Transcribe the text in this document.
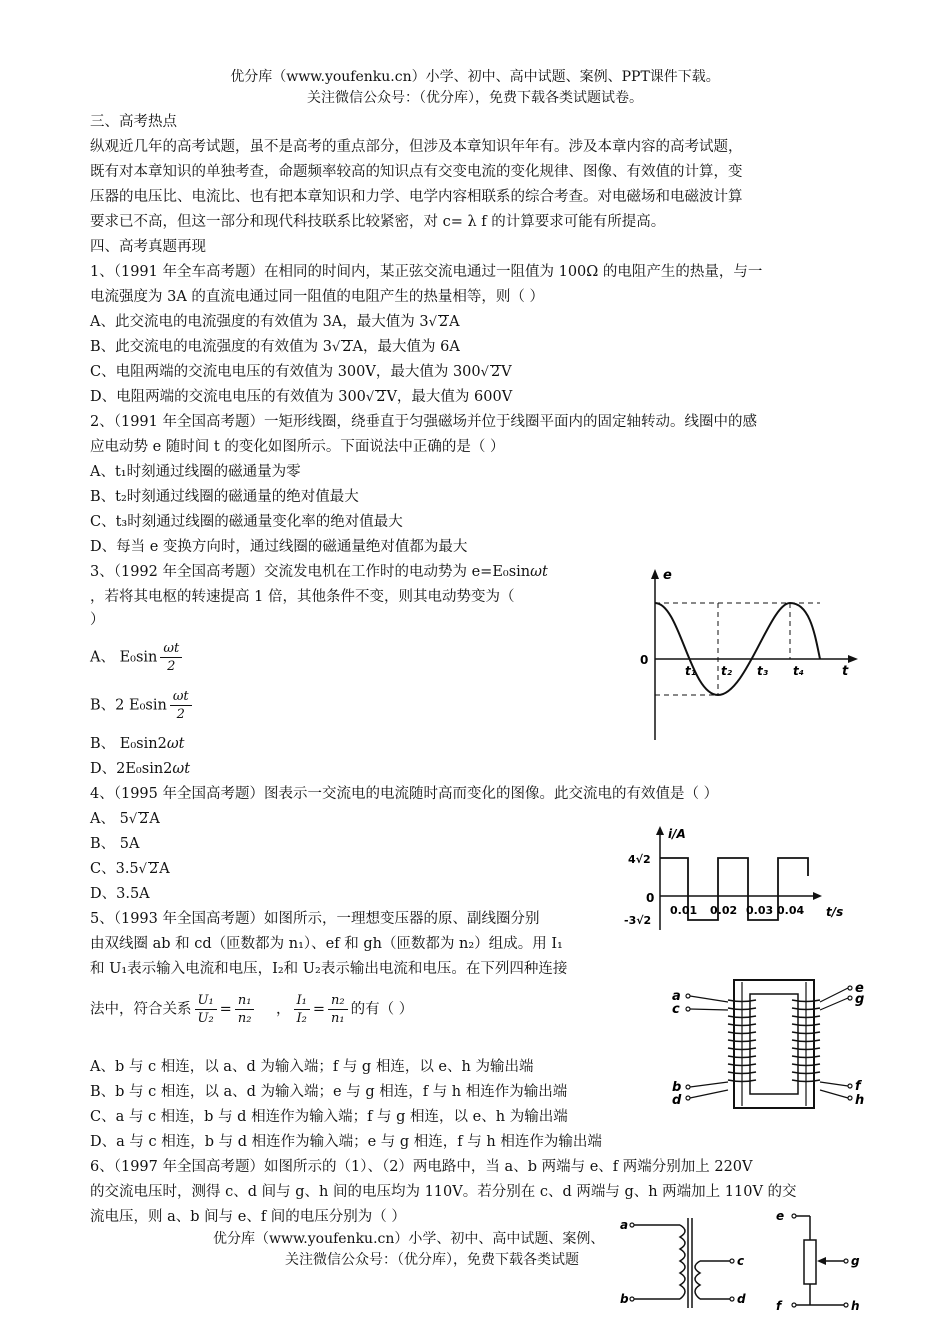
优分库（www.youfenku.cn）小学、初中、高中试题、案例、PPT课件下载。
关注微信公众号：（优分库），免费下载各类试题试卷。
三、高考热点
纵观近几年的高考试题，虽不是高考的重点部分，但涉及本章知识年年有。涉及本章内容的高考试题，
既有对本章知识的单独考查，命题频率较高的知识点有交变电流的变化规律、图像、有效值的计算，变
压器的电压比、电流比、也有把本章知识和力学、电学内容相联系的综合考查。对电磁场和电磁波计算
要求已不高，但这一部分和现代科技联系比较紧密，对 c= λ f 的计算要求可能有所提高。
四、高考真题再现
1、（1991 年全车高考题）在相同的时间内，某正弦交流电通过一阻值为 100Ω 的电阻产生的热量，与一
电流强度为 3A 的直流电通过同一阻值的电阻产生的热量相等，则（ ）
A、此交流电的电流强度的有效值为 3A，最大值为 3√ 2A
B、此交流电的电流强度的有效值为 3√ 2A，最大值为 6A
C、电阻两端的交流电电压的有效值为 300V，最大值为 300√ 2V
D、电阻两端的交流电电压的有效值为 300√ 2V，最大值为 600V
2、（1991 年全国高考题）一矩形线圈，绕垂直于匀强磁场并位于线圈平面内的固定轴转动。线圈中的感
应电动势 e 随时间 t 的变化如图所示。下面说法中正确的是（ ）
A、t₁时刻通过线圈的磁通量为零
B、t₂时刻通过线圈的磁通量的绝对值最大
C、t₃时刻通过线圈的磁通量变化率的绝对值最大
D、每当 e 变换方向时，通过线圈的磁通量绝对值都为最大
3、（1992 年全国高考题）交流发电机在工作时的电动势为 e=E₀sinωt
，若将其电枢的转速提高 1 倍，其他条件不变，则其电动势变为（
）
A、 $E_0\sin \frac{\omega t}{2}$
B、2 $E_0\sin \frac{\omega t}{2}$
B、 E₀sin2ωt
D、2E₀sin2ωt
4、（1995 年全国高考题）图表示一交流电的电流随时高而变化的图像。此交流电的有效值是（ ）
A、 5√ 2A
B、 5A
C、3.5√ 2A
D、3.5A
5、（1993 年全国高考题）如图所示，一理想变压器的原、副线圈分别
由双线圈 ab 和 cd（匝数都为 n₁）、ef 和 gh（匝数都为 n₂）组成。用 I₁
和 U₁表示输入电流和电压，I₂和 U₂表示输出电流和电压。在下列四种连接
法中，符合关系 $\frac{\text{U₁}}{\text{U₂}} = \frac{\text{n₁}}{\text{n₂}}$ ， $\frac{\text{I₁}}{\text{I₂}} = \frac{\text{n₂}}{\text{n₁}}$ 的有（ ）
A、b 与 c 相连，以 a、d 为输入端；f 与 g 相连，以 e、h 为输出端
B、b 与 c 相连，以 a、d 为输入端；e 与 g 相连，f 与 h 相连作为输出端
C、a 与 c 相连，b 与 d 相连作为输入端；f 与 g 相连，以 e、h 为输出端
D、a 与 c 相连，b 与 d 相连作为输入端；e 与 g 相连，f 与 h 相连作为输出端
6、（1997 年全国高考题）如图所示的（1）、（2）两电路中，当 a、b 两端与 e、f 两端分别加上 220V
的交流电压时，测得 c、d 间与 g、h 间的电压均为 110V。若分别在 c、d 两端与 g、h 两端加上 110V 的交
流电压，则 a、b 间与 e、f 间的电压分别为（ ）
优分库（www.youfenku.cn）小学、初中、高中试题、案例、
关注微信公众号：（优分库），免费下载各类试题
e
0
t
t₁ t₂ t₃ t₄
i/A
4√2
0
-3√2
0.01 0.02 0.03 0.04 t/s
a
c
b
d
e
g
f
h
a
b
c
d
e
f
g
h
